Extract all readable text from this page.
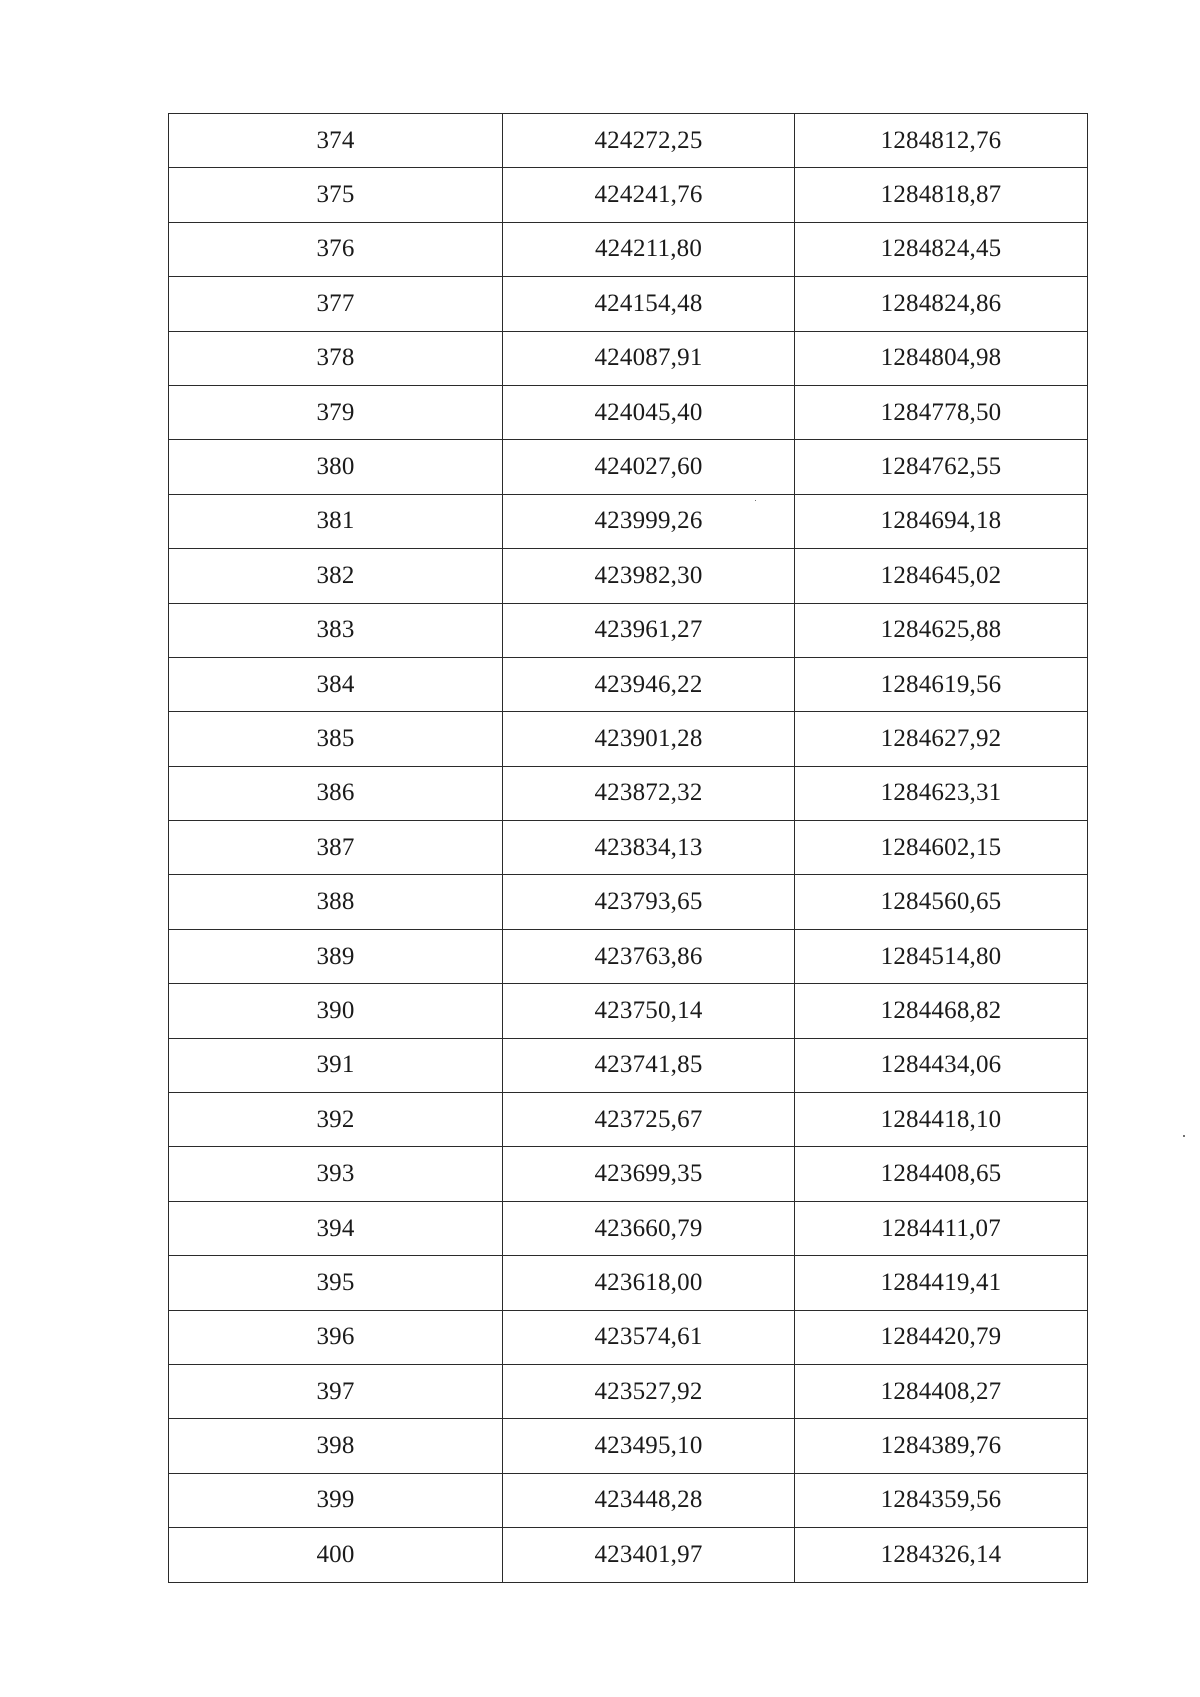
374	424272,25	1284812,76
375	424241,76	1284818,87
376	424211,80	1284824,45
377	424154,48	1284824,86
378	424087,91	1284804,98
379	424045,40	1284778,50
380	424027,60	1284762,55
381	423999,26	1284694,18
382	423982,30	1284645,02
383	423961,27	1284625,88
384	423946,22	1284619,56
385	423901,28	1284627,92
386	423872,32	1284623,31
387	423834,13	1284602,15
388	423793,65	1284560,65
389	423763,86	1284514,80
390	423750,14	1284468,82
391	423741,85	1284434,06
392	423725,67	1284418,10
393	423699,35	1284408,65
394	423660,79	1284411,07
395	423618,00	1284419,41
396	423574,61	1284420,79
397	423527,92	1284408,27
398	423495,10	1284389,76
399	423448,28	1284359,56
400	423401,97	1284326,14
